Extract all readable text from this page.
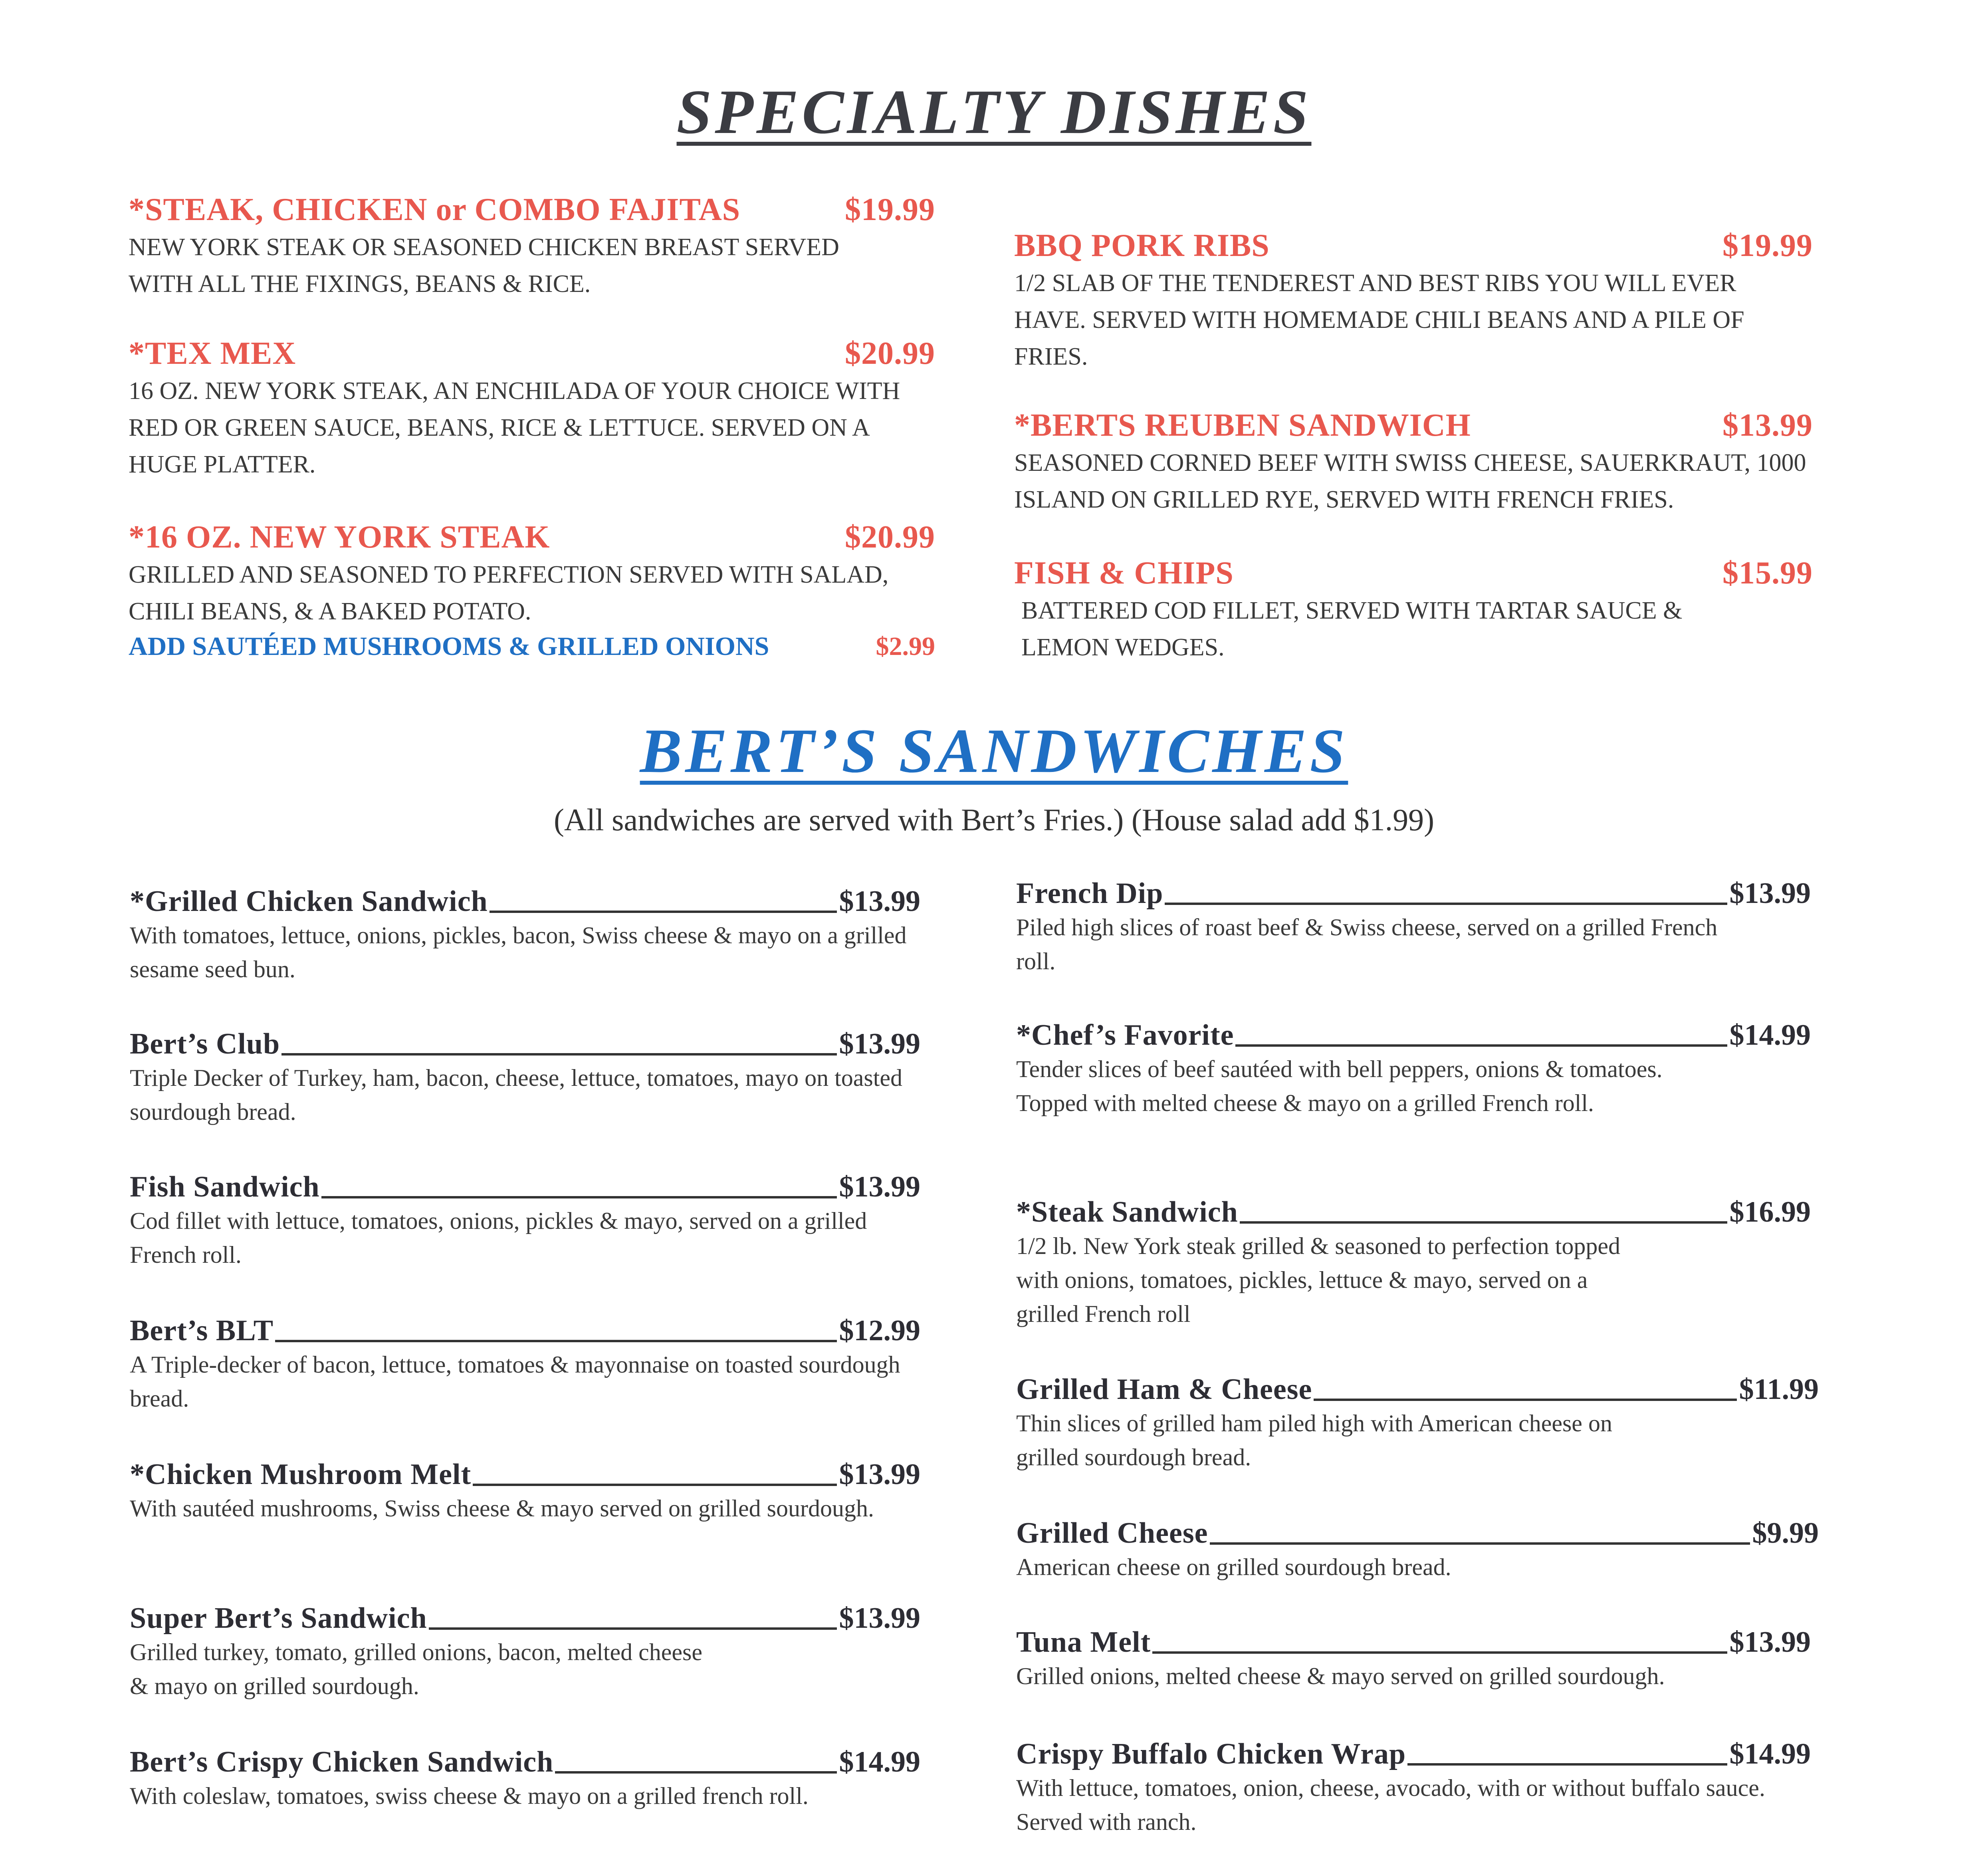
SPECIALTY DISHES
*STEAK, CHICKEN or COMBO FAJITAS	$19.99
NEW YORK STEAK OR SEASONED CHICKEN BREAST SERVED WITH ALL THE FIXINGS, BEANS & RICE.
*TEX MEX	$20.99
16 OZ. NEW YORK STEAK, AN ENCHILADA OF YOUR CHOICE WITH RED OR GREEN SAUCE, BEANS, RICE & LETTUCE. SERVED ON A HUGE PLATTER.
*16 OZ. NEW YORK STEAK	$20.99
GRILLED AND SEASONED TO PERFECTION SERVED WITH SALAD, CHILI BEANS, & A BAKED POTATO.
ADD SAUTÉED MUSHROOMS & GRILLED ONIONS	$2.99
BBQ PORK RIBS	$19.99
1/2 SLAB OF THE TENDEREST AND BEST RIBS YOU WILL EVER HAVE. SERVED WITH HOMEMADE CHILI BEANS AND A PILE OF FRIES.
*BERTS REUBEN SANDWICH	$13.99
SEASONED CORNED BEEF WITH SWISS CHEESE, SAUERKRAUT, 1000 ISLAND ON GRILLED RYE, SERVED WITH FRENCH FRIES.
FISH & CHIPS	$15.99
BATTERED COD FILLET, SERVED WITH TARTAR SAUCE & LEMON WEDGES.
BERT’S SANDWICHES
(All sandwiches are served with Bert’s Fries.) (House salad add $1.99)
*Grilled Chicken Sandwich	$13.99
With tomatoes, lettuce, onions, pickles, bacon, Swiss cheese & mayo on a grilled sesame seed bun.
Bert’s Club	$13.99
Triple Decker of Turkey, ham, bacon, cheese, lettuce, tomatoes, mayo on toasted sourdough bread.
Fish Sandwich	$13.99
Cod fillet with lettuce, tomatoes, onions, pickles & mayo, served on a grilled French roll.
Bert’s BLT	$12.99
A Triple-decker of bacon, lettuce, tomatoes & mayonnaise on toasted sourdough bread.
*Chicken Mushroom Melt	$13.99
With sautéed mushrooms, Swiss cheese & mayo served on grilled sourdough.
Super Bert’s Sandwich	$13.99
Grilled turkey, tomato, grilled onions, bacon, melted cheese & mayo on grilled sourdough.
Bert’s Crispy Chicken Sandwich	$14.99
With coleslaw, tomatoes, swiss cheese & mayo on a grilled french roll.
French Dip	$13.99
Piled high slices of roast beef & Swiss cheese, served on a grilled French roll.
*Chef’s Favorite	$14.99
Tender slices of beef sautéed with bell peppers, onions & tomatoes. Topped with melted cheese & mayo on a grilled French roll.
*Steak Sandwich	$16.99
1/2 lb. New York steak grilled & seasoned to perfection topped with onions, tomatoes, pickles, lettuce & mayo, served on a grilled French roll
Grilled Ham & Cheese	$11.99
Thin slices of grilled ham piled high with American cheese on grilled sourdough bread.
Grilled Cheese	$9.99
American cheese on grilled sourdough bread.
Tuna Melt	$13.99
Grilled onions, melted cheese & mayo served on grilled sourdough.
Crispy Buffalo Chicken Wrap	$14.99
With lettuce, tomatoes, onion, cheese, avocado, with or without buffalo sauce. Served with ranch.
